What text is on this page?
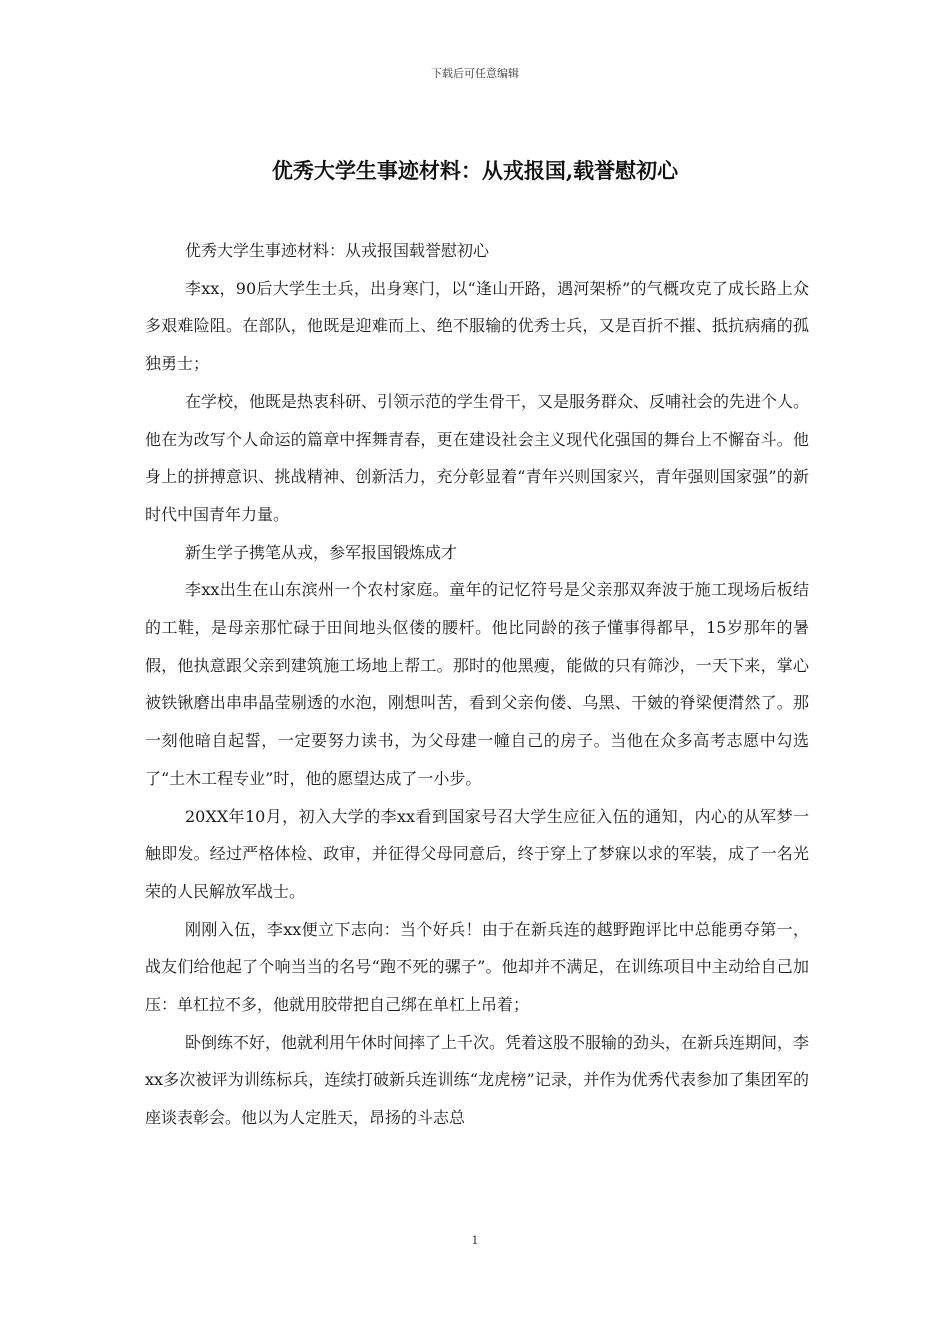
下载后可任意编辑
优秀大学生事迹材料：从戎报国,载誉慰初心

优秀大学生事迹材料：从戎报国载誉慰初心

李xx，90后大学生士兵，出身寒门，以“逢山开路，遇河架桥”的气概攻克了成长路上众多艰难险阻。在部队，他既是迎难而上、绝不服输的优秀士兵，又是百折不摧、抵抗病痛的孤独勇士；

在学校，他既是热衷科研、引领示范的学生骨干，又是服务群众、反哺社会的先进个人。他在为改写个人命运的篇章中挥舞青春，更在建设社会主义现代化强国的舞台上不懈奋斗。他身上的拼搏意识、挑战精神、创新活力，充分彰显着“青年兴则国家兴，青年强则国家强”的新时代中国青年力量。

新生学子携笔从戎，参军报国锻炼成才

李xx出生在山东滨州一个农村家庭。童年的记忆符号是父亲那双奔波于施工现场后板结的工鞋，是母亲那忙碌于田间地头伛偻的腰杆。他比同龄的孩子懂事得都早，15岁那年的暑假，他执意跟父亲到建筑施工场地上帮工。那时的他黑瘦，能做的只有筛沙，一天下来，掌心被铁锹磨出串串晶莹剔透的水泡，刚想叫苦，看到父亲佝偻、乌黑、干皴的脊梁便潸然了。那一刻他暗自起誓，一定要努力读书，为父母建一幢自己的房子。当他在众多高考志愿中勾选了“土木工程专业”时，他的愿望达成了一小步。

20XX年10月，初入大学的李xx看到国家号召大学生应征入伍的通知，内心的从军梦一触即发。经过严格体检、政审，并征得父母同意后，终于穿上了梦寐以求的军装，成了一名光荣的人民解放军战士。

刚刚入伍，李xx便立下志向：当个好兵！由于在新兵连的越野跑评比中总能勇夺第一，战友们给他起了个响当当的名号“跑不死的骡子”。他却并不满足，在训练项目中主动给自己加压：单杠拉不多，他就用胶带把自己绑在单杠上吊着；

卧倒练不好，他就利用午休时间摔了上千次。凭着这股不服输的劲头，在新兵连期间，李xx多次被评为训练标兵，连续打破新兵连训练“龙虎榜”记录，并作为优秀代表参加了集团军的座谈表彰会。他以为人定胜天，昂扬的斗志总

1
